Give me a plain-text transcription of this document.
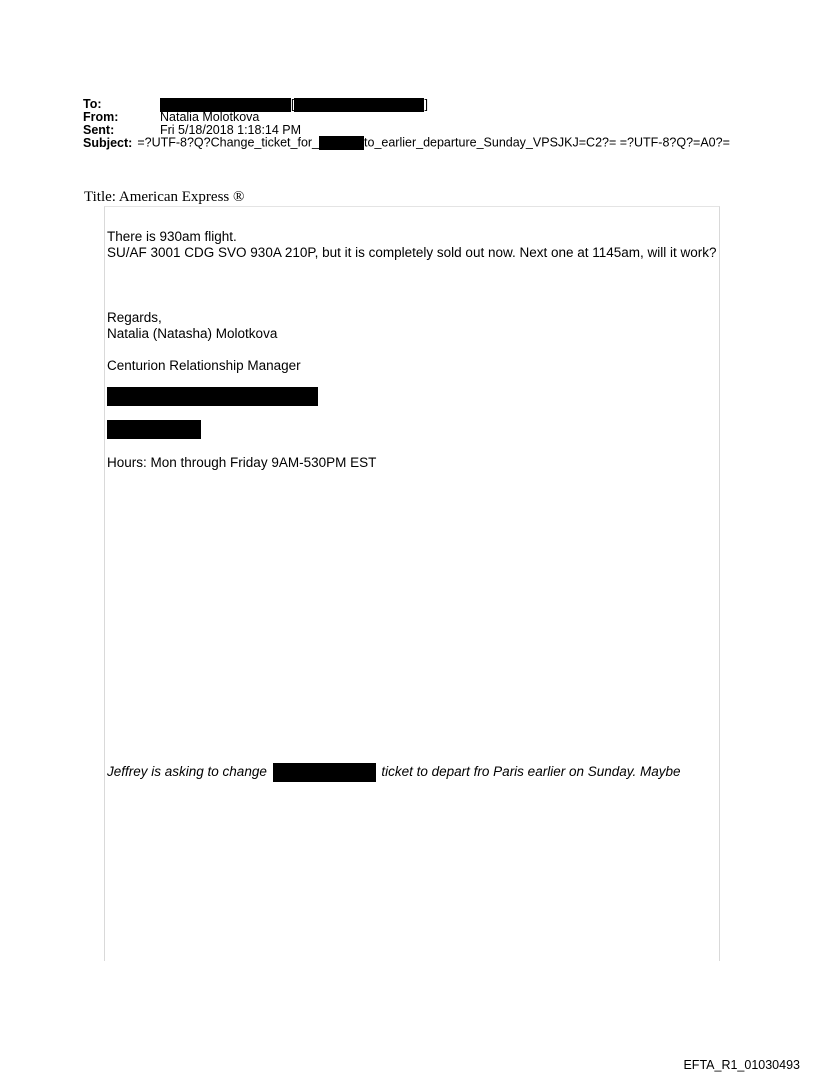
To:	[	]
From:	Natalia Molotkova
Sent:	Fri 5/18/2018 1:18:14 PM
Subject: =?UTF-8?Q?Change_ticket_for_	to_earlier_departure_Sunday_VPSJKJ=C2?= =?UTF-8?Q?=A0?=
Title: American Express ®
There is 930am flight.
SU/AF 3001 CDG SVO 930A 210P, but it is completely sold out now. Next one at 1145am, will it work?
Regards,
Natalia (Natasha) Molotkova
Centurion Relationship Manager
Hours: Mon through Friday 9AM-530PM EST
Jeffrey is asking to change	ticket to depart fro Paris earlier on Sunday. Maybe
EFTA_R1_01030493
